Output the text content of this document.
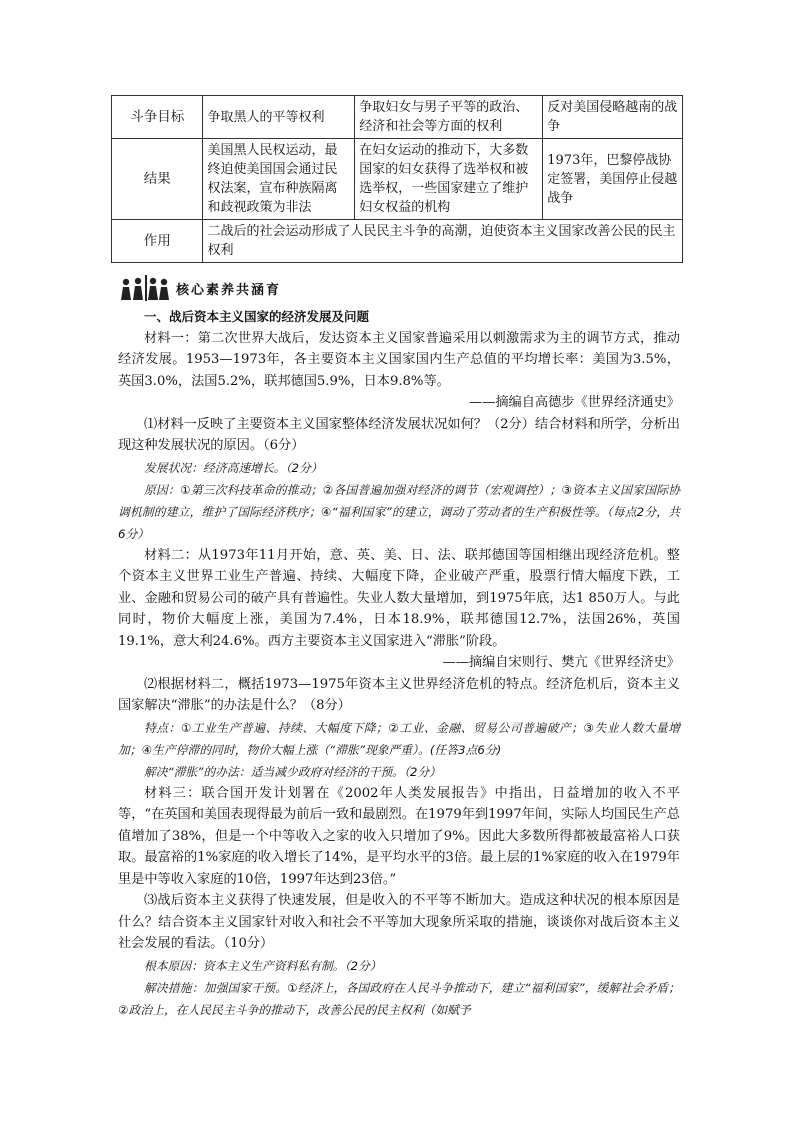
斗争目标	争取黑人的平等权利	争取妇女与男子平等的政治、经济和社会等方面的权利	反对美国侵略越南的战争
结果	美国黑人民权运动，最终迫使美国国会通过民权法案，宣布种族隔离和歧视政策为非法	在妇女运动的推动下，大多数国家的妇女获得了选举权和被选举权，一些国家建立了维护妇女权益的机构	1973年，巴黎停战协定签署，美国停止侵越战争
作用	二战后的社会运动形成了人民民主斗争的高潮，迫使资本主义国家改善公民的民主权利		
核心素养共涵育

一、战后资本主义国家的经济发展及问题

材料一：第二次世界大战后，发达资本主义国家普遍采用以刺激需求为主的调节方式，推动经济发展。1953—1973年，各主要资本主义国家国内生产总值的平均增长率：美国为3.5%，英国3.0%，法国5.2%，联邦德国5.9%，日本9.8%等。

——摘编自高德步《世界经济通史》

⑴材料一反映了主要资本主义国家整体经济发展状况如何？（2分）结合材料和所学，分析出现这种发展状况的原因。（6分）

发展状况：经济高速增长。（2分）

原因：①第三次科技革命的推动；②各国普遍加强对经济的调节（宏观调控）；③资本主义国家国际协调机制的建立，维护了国际经济秩序；④“福利国家”的建立，调动了劳动者的生产积极性等。（每点2分，共6分）

材料二：从1973年11月开始，意、英、美、日、法、联邦德国等国相继出现经济危机。整个资本主义世界工业生产普遍、持续、大幅度下降，企业破产严重，股票行情大幅度下跌，工业、金融和贸易公司的破产具有普遍性。失业人数大量增加，到1975年底，达1 850万人。与此同时，物价大幅度上涨，美国为7.4%，日本18.9%，联邦德国12.7%，法国26%，英国19.1%，意大利24.6%。西方主要资本主义国家进入“滞胀”阶段。

——摘编自宋则行、樊亢《世界经济史》

⑵根据材料二，概括1973—1975年资本主义世界经济危机的特点。经济危机后，资本主义国家解决“滞胀”的办法是什么？（8分）

特点：①工业生产普遍、持续、大幅度下降；②工业、金融、贸易公司普遍破产；③失业人数大量增加；④生产停滞的同时，物价大幅上涨（“滞胀”现象严重）。(任答3点6分)

解决“滞胀”的办法：适当减少政府对经济的干预。（2分）

材料三：联合国开发计划署在《2002年人类发展报告》中指出，日益增加的收入不平等，“在英国和美国表现得最为前后一致和最剧烈。在1979年到1997年间，实际人均国民生产总值增加了38%，但是一个中等收入之家的收入只增加了9%。因此大多数所得都被最富裕人口获取。最富裕的1%家庭的收入增长了14%，是平均水平的3倍。最上层的1%家庭的收入在1979年里是中等收入家庭的10倍，1997年达到23倍。”

⑶战后资本主义获得了快速发展，但是收入的不平等不断加大。造成这种状况的根本原因是什么？结合资本主义国家针对收入和社会不平等加大现象所采取的措施，谈谈你对战后资本主义社会发展的看法。（10分）

根本原因：资本主义生产资料私有制。（2分）

解决措施：加强国家干预。①经济上，各国政府在人民斗争推动下，建立“福利国家”，缓解社会矛盾；②政治上，在人民民主斗争的推动下，改善公民的民主权利（如赋予
